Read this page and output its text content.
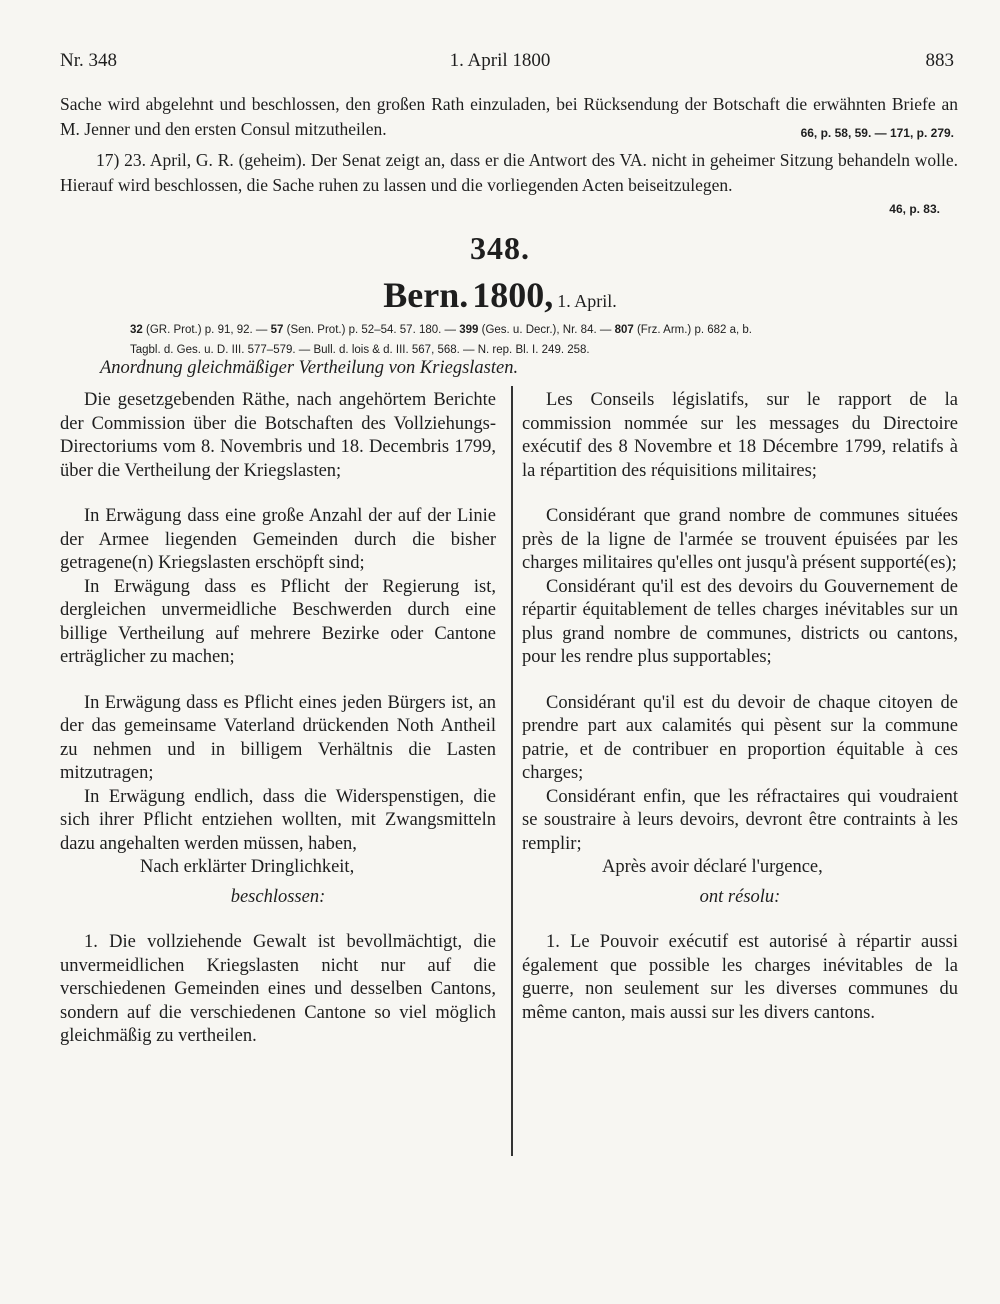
Nr. 348	1. April 1800	883

Sache wird abgelehnt und beschlossen, den großen Rath einzuladen, bei Rücksendung der Botschaft die erwähnten Briefe an M. Jenner und den ersten Consul mitzutheilen.	66, p. 58, 59. — 171, p. 279.

17) 23. April, G. R. (geheim). Der Senat zeigt an, dass er die Antwort des VA. nicht in geheimer Sitzung behandeln wolle. Hierauf wird beschlossen, die Sache ruhen zu lassen und die vorliegenden Acten beiseitzulegen.

46, p. 83.
348.
Bern. 1800, 1. April.
32 (GR. Prot.) p. 91, 92. — 57 (Sen. Prot.) p. 52–54. 57. 180. — 399 (Ges. u. Decr.), Nr. 84. — 807 (Frz. Arm.) p. 682 a, b.
Tagbl. d. Ges. u. D. III. 577–579. — Bull. d. lois & d. III. 567, 568. — N. rep. Bl. I. 249. 258.
Anordnung gleichmäßiger Vertheilung von Kriegslasten.

Die gesetzgebenden Räthe, nach angehörtem Berichte der Commission über die Botschaften des Vollziehungs-Directoriums vom 8. Novembris und 18. Decembris 1799, über die Vertheilung der Kriegslasten;

In Erwägung dass eine große Anzahl der auf der Linie der Armee liegenden Gemeinden durch die bisher getragene(n) Kriegslasten erschöpft sind;

In Erwägung dass es Pflicht der Regierung ist, dergleichen unvermeidliche Beschwerden durch eine billige Vertheilung auf mehrere Bezirke oder Cantone erträglicher zu machen;

In Erwägung dass es Pflicht eines jeden Bürgers ist, an der das gemeinsame Vaterland drückenden Noth Antheil zu nehmen und in billigem Verhältnis die Lasten mitzutragen;

In Erwägung endlich, dass die Widerspenstigen, die sich ihrer Pflicht entziehen wollten, mit Zwangsmitteln dazu angehalten werden müssen, haben,

Nach erklärter Dringlichkeit,

beschlossen:

1. Die vollziehende Gewalt ist bevollmächtigt, die unvermeidlichen Kriegslasten nicht nur auf die verschiedenen Gemeinden eines und desselben Cantons, sondern auf die verschiedenen Cantone so viel möglich gleichmäßig zu vertheilen.

Les Conseils législatifs, sur le rapport de la commission nommée sur les messages du Directoire exécutif des 8 Novembre et 18 Décembre 1799, relatifs à la répartition des réquisitions militaires;

Considérant que grand nombre de communes situées près de la ligne de l'armée se trouvent épuisées par les charges militaires qu'elles ont jusqu'à présent supporté(es);

Considérant qu'il est des devoirs du Gouvernement de répartir équitablement de telles charges inévitables sur un plus grand nombre de communes, districts ou cantons, pour les rendre plus supportables;

Considérant qu'il est du devoir de chaque citoyen de prendre part aux calamités qui pèsent sur la commune patrie, et de contribuer en proportion équitable à ces charges;

Considérant enfin, que les réfractaires qui voudraient se soustraire à leurs devoirs, devront être contraints à les remplir;

Après avoir déclaré l'urgence,

ont résolu:

1. Le Pouvoir exécutif est autorisé à répartir aussi également que possible les charges inévitables de la guerre, non seulement sur les diverses communes du même canton, mais aussi sur les divers cantons.
